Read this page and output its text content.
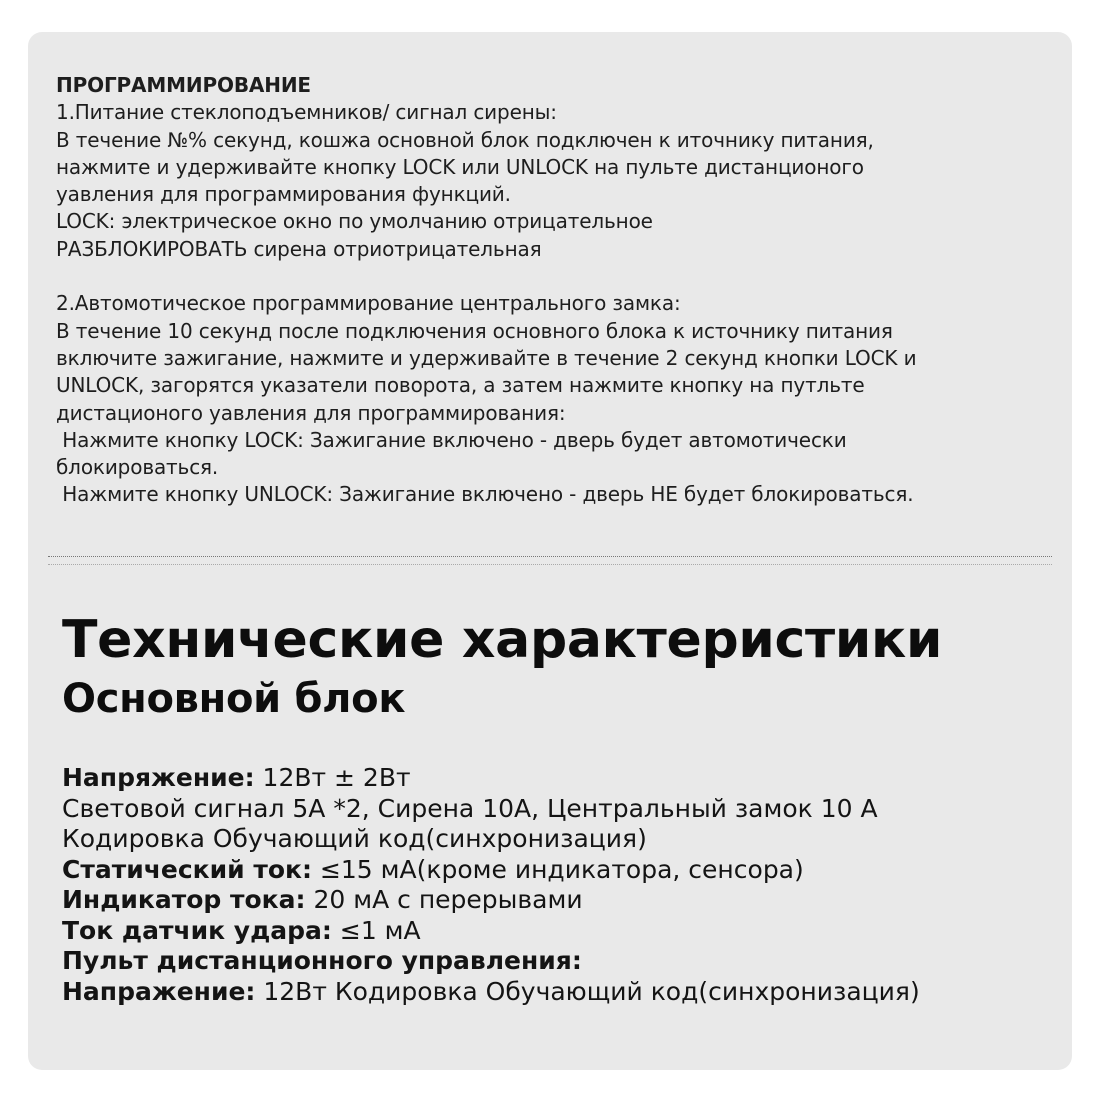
ПРОГРАММИРОВАНИЕ
1.Питание стеклоподъемников/ сигнал сирены:
В течение №% секунд, кошжа основной блок подключен к иточнику питания,
нажмите и удерживайте кнопку LOCK или UNLOCK на пульте дистанционого
уавления для программирования функций.
LOCK: электрическое окно по умолчанию отрицательное
РАЗБЛОКИРОВАТЬ сирена отриотрицательная
2.Автомотическое программирование центрального замка:
В течение 10 секунд после подключения основного блока к источнику питания
включите зажигание, нажмите и удерживайте в течение 2 секунд кнопки LOCK и
UNLOCK, загорятся указатели поворота, а затем нажмите кнопку на путльте
дистационого уавления для программирования:
Нажмите кнопку LOCK: Зажигание включено - дверь будет автомотически
блокироваться.
Нажмите кнопку UNLOCK: Зажигание включено - дверь НЕ будет блокироваться.
Технические характеристики
Основной блок
Напряжение: 12Вт ± 2Вт
Световой сигнал 5А *2, Сирена 10А, Центральный замок 10 А
Кодировка Обучающий код(синхронизация)
Статический ток: ≤15 мА(кроме индикатора, сенсора)
Индикатор тока: 20 мА с перерывами
Ток датчик удара: ≤1 мА
Пульт дистанционного управления:
Напражение: 12Вт Кодировка Обучающий код(синхронизация)
